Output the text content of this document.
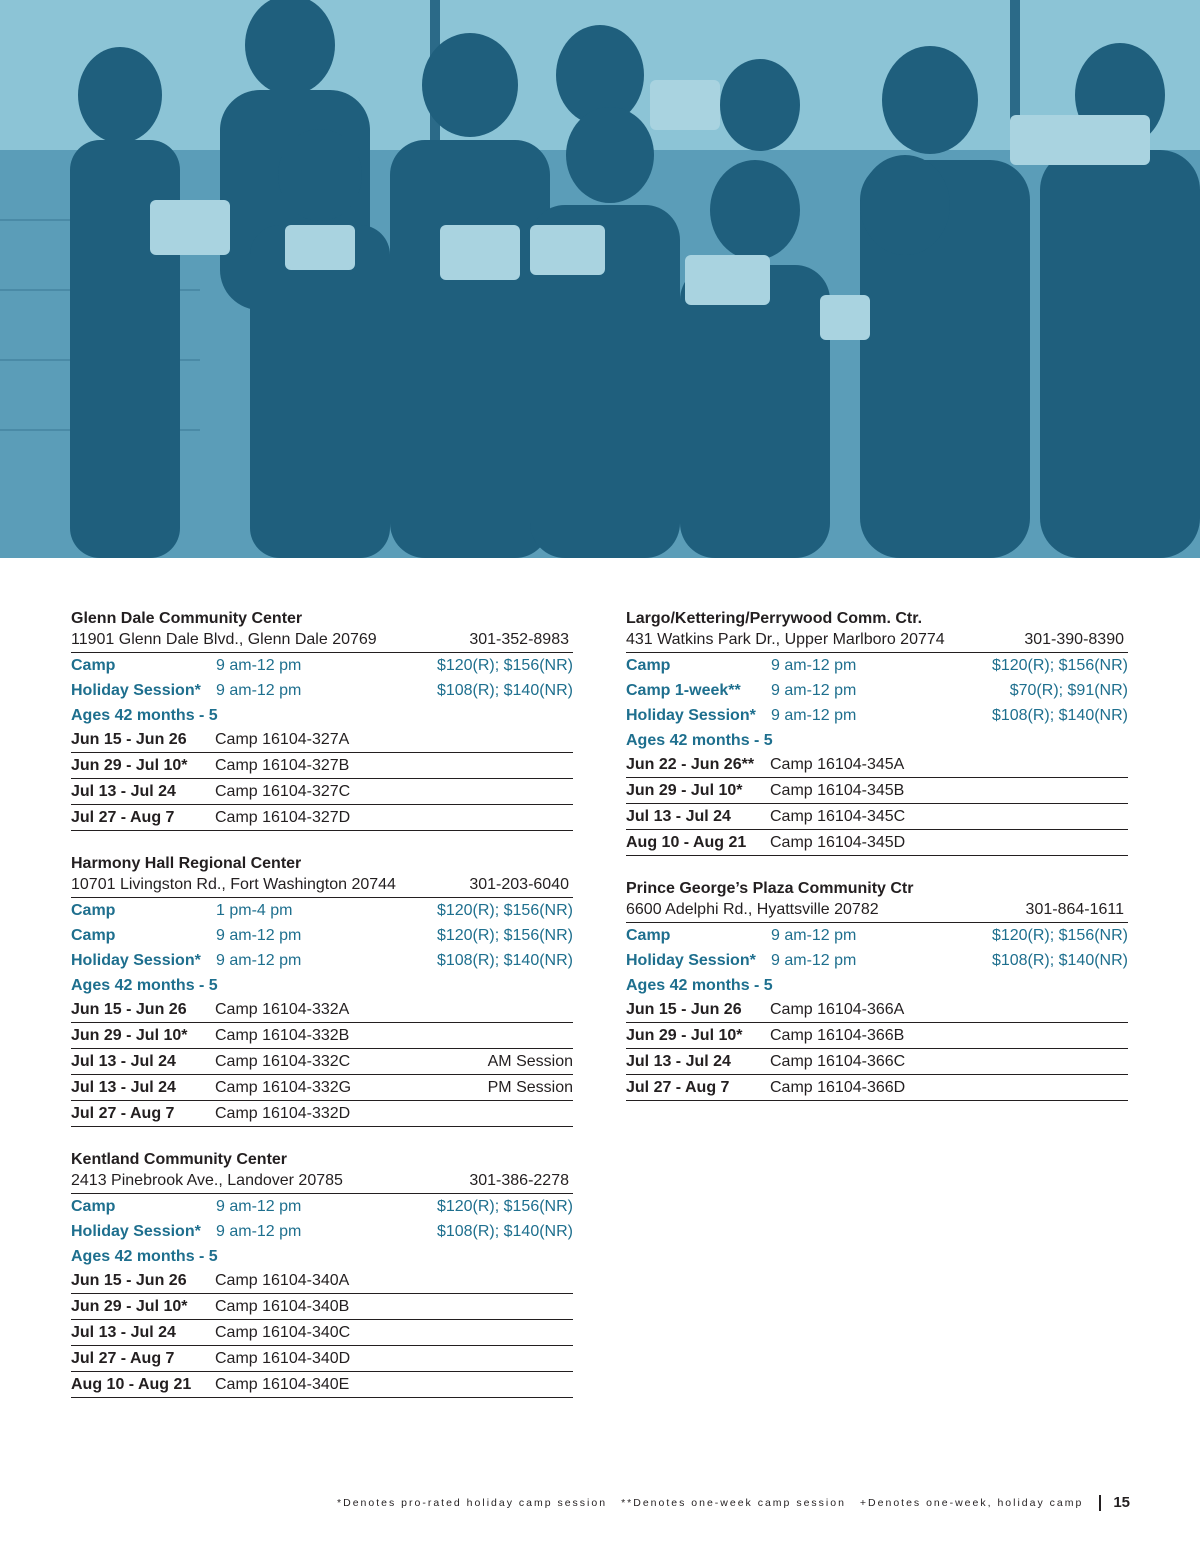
Glenn Dale Community Center
11901 Glenn Dale Blvd., Glenn Dale 20769	301-352-8983
Camp	9 am-12 pm	$120(R); $156(NR)
Holiday Session* 9 am-12 pm	$108(R); $140(NR)
Ages 42 months - 5
Jun 15 - Jun 26	Camp 16104-327A
Jun 29 - Jul 10*	Camp 16104-327B
Jul 13 - Jul 24	Camp 16104-327C
Jul 27 - Aug 7	Camp 16104-327D
Harmony Hall Regional Center
10701 Livingston Rd., Fort Washington 20744	301-203-6040
Camp	1 pm-4 pm	$120(R); $156(NR)
Camp	9 am-12 pm	$120(R); $156(NR)
Holiday Session* 9 am-12 pm	$108(R); $140(NR)
Ages 42 months - 5
Jun 15 - Jun 26	Camp 16104-332A
Jun 29 - Jul 10*	Camp 16104-332B
Jul 13 - Jul 24	Camp 16104-332C	AM Session
Jul 13 - Jul 24	Camp 16104-332G	PM Session
Jul 27 - Aug 7	Camp 16104-332D
Kentland Community Center
2413 Pinebrook Ave., Landover 20785	301-386-2278
Camp	9 am-12 pm	$120(R); $156(NR)
Holiday Session* 9 am-12 pm	$108(R); $140(NR)
Ages 42 months - 5
Jun 15 - Jun 26	Camp 16104-340A
Jun 29 - Jul 10*	Camp 16104-340B
Jul 13 - Jul 24	Camp 16104-340C
Jul 27 - Aug 7	Camp 16104-340D
Aug 10 - Aug 21	Camp 16104-340E
Largo/Kettering/Perrywood Comm. Ctr.
431 Watkins Park Dr., Upper Marlboro 20774	301-390-8390
Camp	9 am-12 pm	$120(R); $156(NR)
Camp 1-week**	9 am-12 pm	$70(R); $91(NR)
Holiday Session* 9 am-12 pm	$108(R); $140(NR)
Ages 42 months - 5
Jun 22 - Jun 26** Camp 16104-345A
Jun 29 - Jul 10*	Camp 16104-345B
Jul 13 - Jul 24	Camp 16104-345C
Aug 10 - Aug 21	Camp 16104-345D
Prince George’s Plaza Community Ctr
6600 Adelphi Rd., Hyattsville 20782	301-864-1611
Camp	9 am-12 pm	$120(R); $156(NR)
Holiday Session* 9 am-12 pm	$108(R); $140(NR)
Ages 42 months - 5
Jun 15 - Jun 26	Camp 16104-366A
Jun 29 - Jul 10*	Camp 16104-366B
Jul 13 - Jul 24	Camp 16104-366C
Jul 27 - Aug 7	Camp 16104-366D
*Denotes pro-rated holiday camp session **Denotes one-week camp session +Denotes one-week, holiday camp 15
